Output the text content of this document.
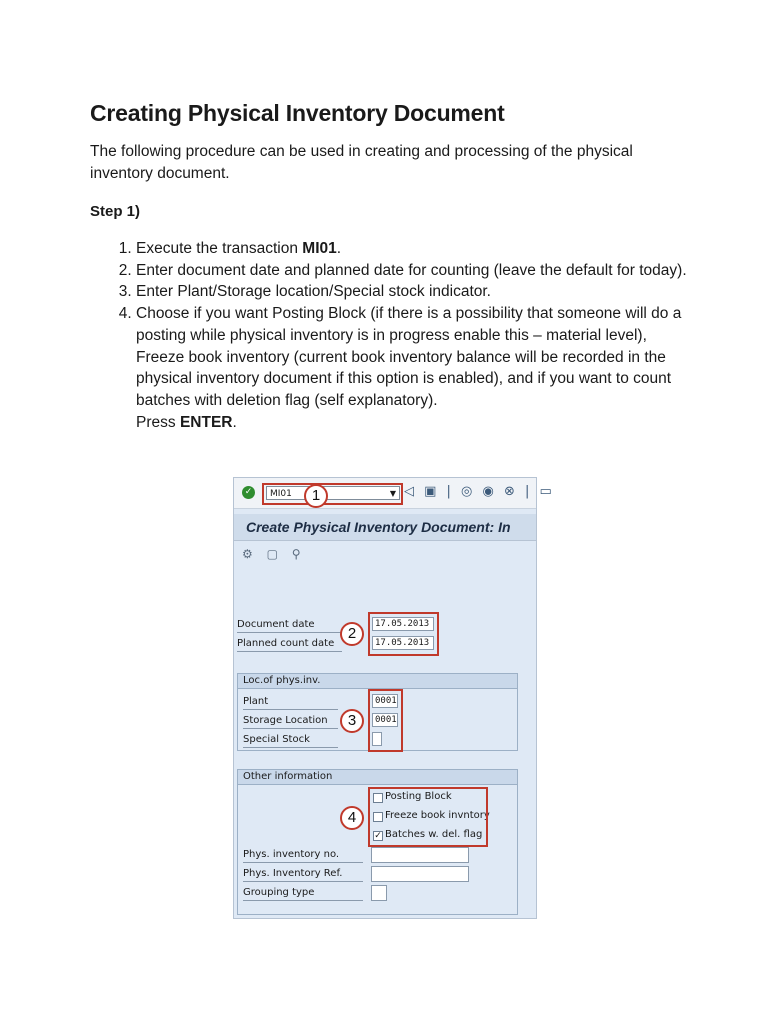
Creating Physical Inventory Document

The following procedure can be used in creating and processing of the physical inventory document.

Step 1)

1. Execute the transaction MI01.
2. Enter document date and planned date for counting (leave the default for today).
3. Enter Plant/Storage location/Special stock indicator.
4. Choose if you want Posting Block (if there is a possibility that someone will do a posting while physical inventory is in progress enable this – material level), Freeze book inventory (current book inventory balance will be recorded in the physical inventory document if this option is enabled), and if you want to count batches with deletion flag (self explanatory).
Press ENTER.
✓	MI01	▼ ◁ ▣ | ◎ ◉ ⊗ | ▭
1
Create Physical Inventory Document: In
⚙ ▢ ⚲
Document date
Planned count date
17.05.2013
17.05.2013
2
Loc.of phys.inv.
Plant
Storage Location
Special Stock
0001
0001
3
Other information
Posting Block
Freeze book invntory
✓ Batches w. del. flag
4
Phys. inventory no.
Phys. Inventory Ref.
Grouping type
